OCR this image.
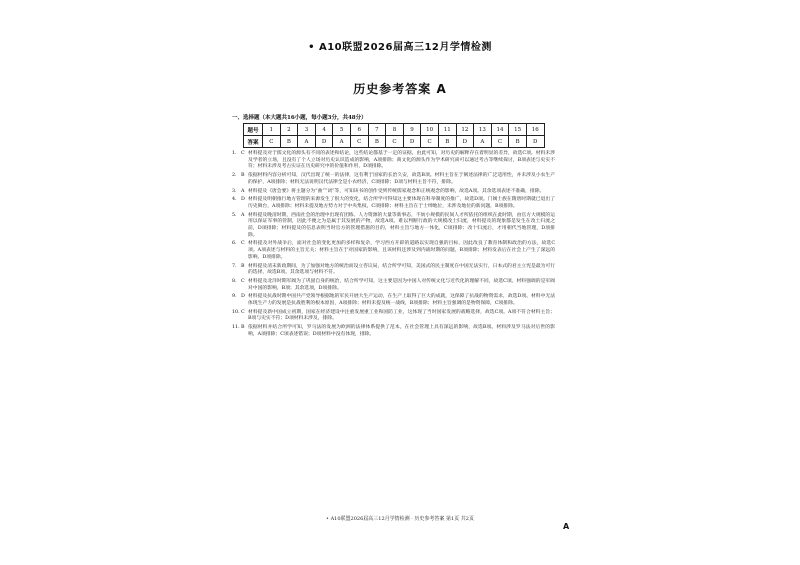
• A10联盟2026届高三12月学情检测
历史参考答案 A
一、选择题（本大题共16小题，每小题3分，共48分）
题号	1	2	3	4	5	6	7	8	9	10	11	12	13	14	15	16
答案	C	B	A	D	A	C	B	C	D	C	B	D	A	C	B	D
1. C 材料提及对于儒文化的源头有不同的表述和结论，这些结论都基于一定的证据，由此可知，对历史的解释存在着明显的差异，故选C项。材料未涉及学者的立场，且没有了个人立场对历史认识造成的影响，A项排除；商文化的源头作为学术研究尚可以通过考古等继续探讨，B项表述与史实不符；材料未涉及考古实证在历史研究中的价值和作用，D项排除。
2. B 依据材料内容分析可知，汉代出现了统一的法律，这有利于国家的长治久安，故选B项。材料主旨在于阐述法律的广泛适用性，并未涉及小农生产的保护，A项排除；材料无法说明汉代法律全是小农经济，C项排除；D项与材料主旨不符，排除。
3. A 材料提及《唐会要》将主题分为“曲”“词”等，可知该书的创作受到传统儒家观念和正统观念的影响，故选A项。其余选项表述不准确，排除。
4. D 材料提及明朝推行地方管理的来源发生了很大的变化，结合所学可得知这主要体现在科举制度的推广，故选D项。门阀士族在隋唐时期就已退出了历史舞台，A项排除；材料未提及地方势力对于中央集权，C项排除；材料主旨在于士绅地位，未涉及地位的新问题，B项排除。
5. A 材料提及晚清时期，西南社会的治理中出现有团练、人力资源的大量等新事态，不妨小规模的民间人才所依托的组织在此时期，由官方大规模的运用以保证军事的管制，因此不便之为是属于其发展的产物，故选A项。难以判断行政的大规模改土归流，材料提及的现象都是发生在改土归流之前，D项排除；材料提及的信息表明当时官方的管理措施的目的，材料主旨与地方一体化，C项排除；改十归流后，才用朝代当地管理，D项排除。
6. C 材料提及对外战争后，面对社会的变化更加的多样和复杂，学习西方开辟的道路以实现自强的目标，因此改良了教育体制和政治的方法，故选C项。A项表述与材料的主旨无关；材料主旨在于对国家的影响，且该材料还涉及到内战时期的问题，B项排除；材料发表后在社会上产生了深远的影响，D项排除。
7. B 材料提及清末新政期间，为了加强对地方的统治而设立咨议局，结合所学可知，美国式的民主制度在中国无法实行，日本式的君主立宪是最为可行的选择，故选B项。其余选项与材料不符。
8. C 材料提及北洋时期军阀为了巩固自身的统治，结合所学可知，这主要是因为中国人对传统文化与近代化的理解不同，故选C项。材料强调的是军阀对中国的影响，B项；其余选项，D项排除。
9. D 材料提及抗战时期中国共产党领导根据地的军民开展大生产运动，在生产上取得了巨大的成就，这保障了抗战的物资需求，故选D项。材料中无法体现生产力的发展是抗战胜利的根本原因，A项排除；材料未提及统一战线，B项排除；材料主旨强调的是物资保障，C项排除。
10. C 材料提及新中国成立初期，国家在经济建设中注重发展重工业和国防工业，这体现了当时国家发展的战略选择，故选C项。A项不符合材料主旨；B项与史实不符；D项材料未涉及，排除。
11. B 依据材料并结合所学可知，罗马法的发展为欧洲的法律体系提供了范本，在社会管理上具有深远的影响，故选B项。材料涉及罗马法对后世的影响，A项排除；C项表述错误；D项材料中没有体现，排除。
• A10联盟2026届高三12月学情检测 · 历史参考答案 第1页 共2页
A
